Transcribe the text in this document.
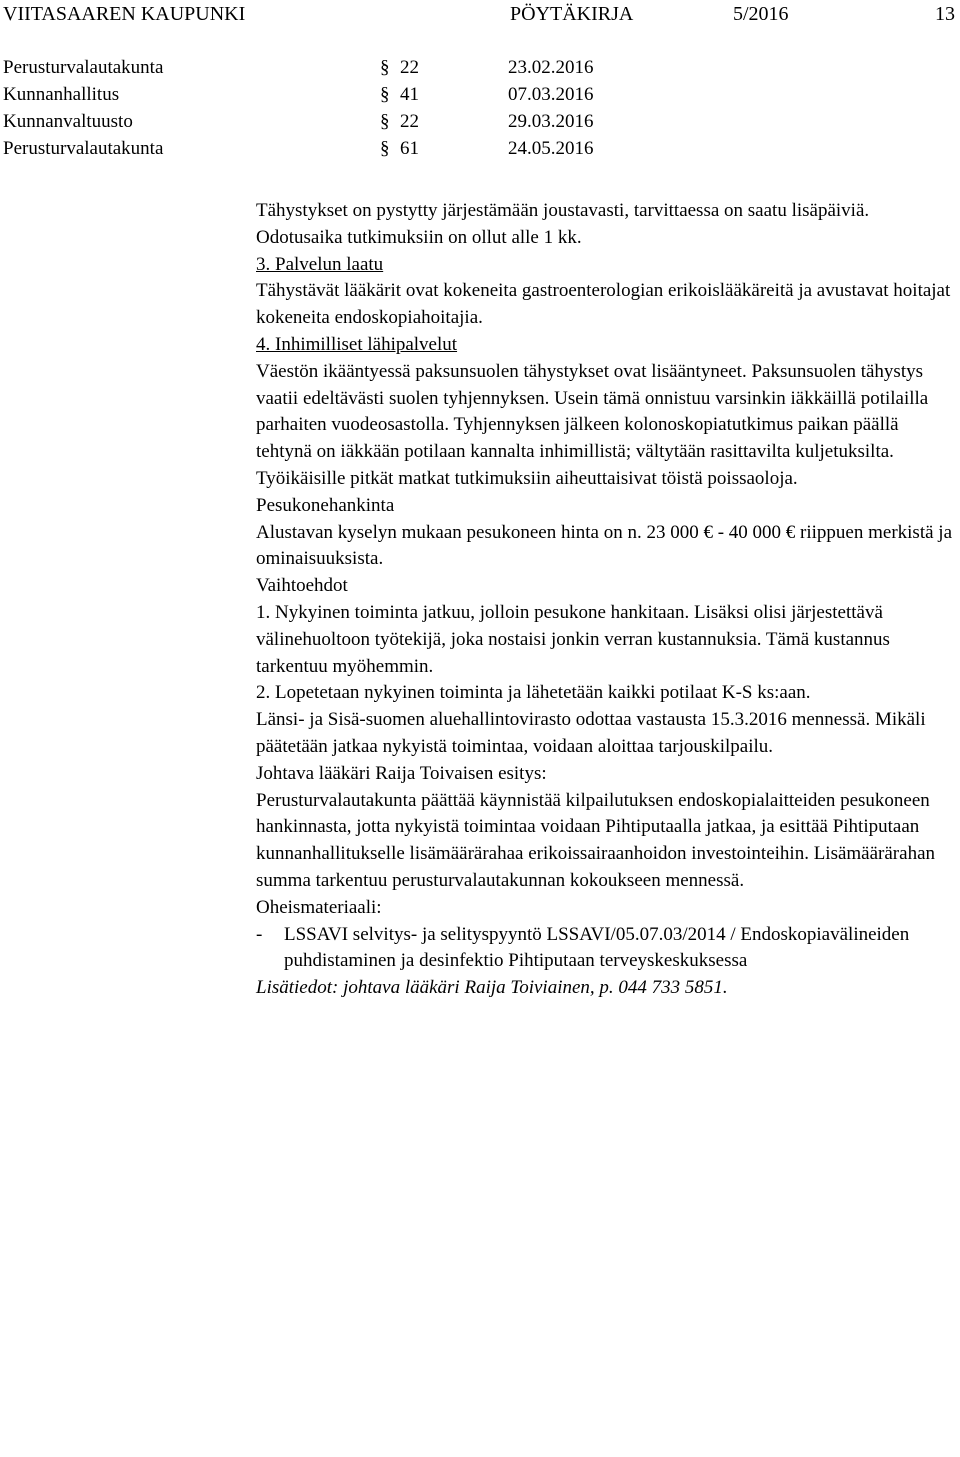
VIITASAAREN KAUPUNKI	PÖYTÄKIRJA	5/2016	13
Perusturvalautakunta	§ 22	23.02.2016
Kunnanhallitus	§ 41	07.03.2016
Kunnanvaltuusto	§ 22	29.03.2016
Perusturvalautakunta	§ 61	24.05.2016

Tähystykset on pystytty järjestämään joustavasti, tarvittaessa on saatu lisäpäiviä. Odotusaika tutkimuksiin on ollut alle 1 kk.

3. Palvelun laatu

Tähystävät lääkärit ovat kokeneita gastroenterologian erikoislääkäreitä ja avustavat hoitajat kokeneita endoskopiahoitajia.

4. Inhimilliset lähipalvelut

Väestön ikääntyessä paksunsuolen tähystykset ovat lisääntyneet. Paksunsuolen tähystys vaatii edeltävästi suolen tyhjennyksen. Usein tämä onnistuu varsinkin iäkkäillä potilailla parhaiten vuodeosastolla. Tyhjennyksen jälkeen kolonoskopiatutkimus paikan päällä tehtynä on iäkkään potilaan kannalta inhimillistä; vältytään rasittavilta kuljetuksilta. Työikäisille pitkät matkat tutkimuksiin aiheuttaisivat töistä poissaoloja.

Pesukonehankinta

Alustavan kyselyn mukaan pesukoneen hinta on n. 23 000 € - 40 000 € riippuen merkistä ja ominaisuuksista.

Vaihtoehdot

1. Nykyinen toiminta jatkuu, jolloin pesukone hankitaan. Lisäksi olisi järjestettävä välinehuoltoon työtekijä, joka nostaisi jonkin verran kustannuksia. Tämä kustannus tarkentuu myöhemmin.

2. Lopetetaan nykyinen toiminta ja lähetetään kaikki potilaat K-S ks:aan.

Länsi- ja Sisä-suomen aluehallintovirasto odottaa vastausta 15.3.2016 mennessä. Mikäli päätetään jatkaa nykyistä toimintaa, voidaan aloittaa tarjouskilpailu.

Johtava lääkäri Raija Toivaisen esitys:

Perusturvalautakunta päättää käynnistää kilpailutuksen endoskopialaitteiden pesukoneen hankinnasta, jotta nykyistä toimintaa voidaan Pihtiputaalla jatkaa, ja esittää Pihtiputaan kunnanhallitukselle lisämäärärahaa erikoissairaanhoidon investointeihin. Lisämäärärahan summa tarkentuu perusturvalautakunnan kokoukseen mennessä.

Oheismateriaali:

- LSSAVI selvitys- ja selityspyyntö LSSAVI/05.07.03/2014 / Endoskopiavälineiden puhdistaminen ja desinfektio Pihtiputaan terveyskeskuksessa

Lisätiedot: johtava lääkäri Raija Toiviainen, p. 044 733 5851.
